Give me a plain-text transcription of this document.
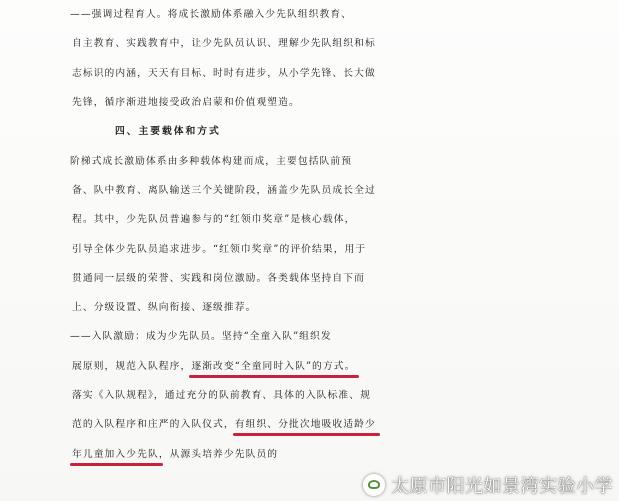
——强调过程育人。将成长激励体系融入少先队组织教育、
自主教育、实践教育中，让少先队员认识、理解少先队组织和标
志标识的内涵，天天有目标、时时有进步，从小学先锋、长大做
先锋，循序渐进地接受政治启蒙和价值观塑造。
四、主要载体和方式
阶梯式成长激励体系由多种载体构建而成，主要包括队前预
备、队中教育、离队输送三个关键阶段，涵盖少先队员成长全过
程。其中，少先队员普遍参与的“红领巾奖章”是核心载体，
引导全体少先队员追求进步。“红领巾奖章”的评价结果，用于
贯通同一层级的荣誉、实践和岗位激励。各类载体坚持自下而
上、分级设置、纵向衔接、逐级推荐。
——入队激励：成为少先队员。坚持“全童入队”组织发
展原则，规范入队程序，逐渐改变“全童同时入队”的方式。
落实《入队规程》，通过充分的队前教育、具体的入队标准、规
范的入队程序和庄严的入队仪式，有组织、分批次地吸收适龄少
年儿童加入少先队，从源头培养少先队员的
太原市阳光如景湾实验小学
